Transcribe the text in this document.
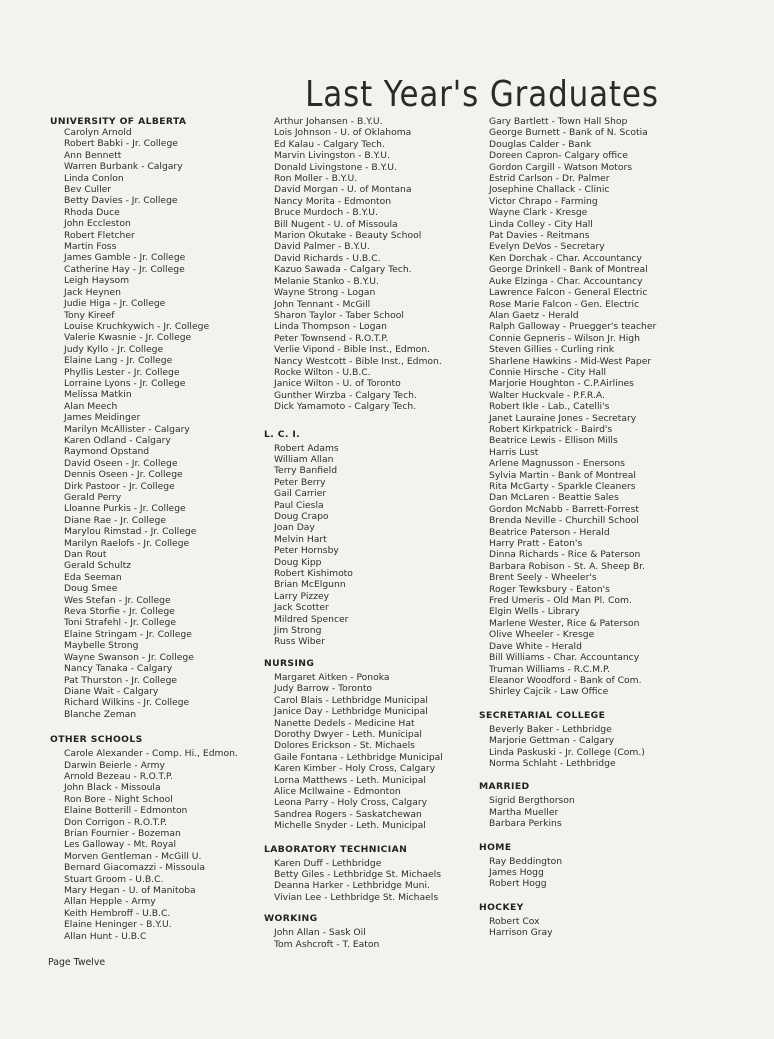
Last Year's Graduates
UNIVERSITY OF ALBERTA
Carolyn Arnold
Robert Babki - Jr. College
Ann Bennett
Warren Burbank - Calgary
Linda Conlon
Bev Culler
Betty Davies - Jr. College
Rhoda Duce
John Eccleston
Robert Fletcher
Martin Foss
James Gamble - Jr. College
Catherine Hay - Jr. College
Leigh Haysom
Jack Heynen
Judie Higa - Jr. College
Tony Kireef
Louise Kruchkywich - Jr. College
Valerie Kwasnie - Jr. College
Judy Kyllo - Jr. College
Elaine Lang - Jr. College
Phyllis Lester - Jr. College
Lorraine Lyons - Jr. College
Melissa Matkin
Alan Meech
James Meidinger
Marilyn McAllister - Calgary
Karen Odland - Calgary
Raymond Opstand
David Oseen - Jr. College
Dennis Oseen - Jr. College
Dirk Pastoor - Jr. College
Gerald Perry
Lloanne Purkis - Jr. College
Diane Rae - Jr. College
Marylou Rimstad - Jr. College
Marilyn Raelofs - Jr. College
Dan Rout
Gerald Schultz
Eda Seeman
Doug Smee
Wes Stefan - Jr. College
Reva Storfie - Jr. College
Toni Strafehl - Jr. College
Elaine Stringam - Jr. College
Maybelle Strong
Wayne Swanson - Jr. College
Nancy Tanaka - Calgary
Pat Thurston - Jr. College
Diane Wait - Calgary
Richard Wilkins - Jr. College
Blanche Zeman
OTHER SCHOOLS
Carole Alexander - Comp. Hi., Edmon.
Darwin Beierle - Army
Arnold Bezeau - R.O.T.P.
John Black - Missoula
Ron Bore - Night School
Elaine Botterill - Edmonton
Don Corrigon - R.O.T.P.
Brian Fournier - Bozeman
Les Galloway - Mt. Royal
Morven Gentleman - McGill U.
Bernard Giacomazzi - Missoula
Stuart Groom - U.B.C.
Mary Hegan - U. of Manitoba
Allan Hepple - Army
Keith Hembroff - U.B.C.
Elaine Heninger - B.Y.U.
Allan Hunt - U.B.C
Arthur Johansen - B.Y.U.
Lois Johnson - U. of Oklahoma
Ed Kalau - Calgary Tech.
Marvin Livingston - B.Y.U.
Donald Livingstone - B.Y.U.
Ron Moller - B.Y.U.
David Morgan - U. of Montana
Nancy Morita - Edmonton
Bruce Murdoch - B.Y.U.
Bill Nugent - U. of Missoula
Marion Okutake - Beauty School
David Palmer - B.Y.U.
David Richards - U.B.C.
Kazuo Sawada - Calgary Tech.
Melanie Stanko - B.Y.U.
Wayne Strong - Logan
John Tennant - McGill
Sharon Taylor - Taber School
Linda Thompson - Logan
Peter Townsend - R.O.T.P.
Verlie Vipond - Bible Inst., Edmon.
Nancy Westcott - Bible Inst., Edmon.
Rocke Wilton - U.B.C.
Janice Wilton - U. of Toronto
Gunther Wirzba - Calgary Tech.
Dick Yamamoto - Calgary Tech.
L. C. I.
Robert Adams
William Allan
Terry Banfield
Peter Berry
Gail Carrier
Paul Ciesla
Doug Crapo
Joan Day
Melvin Hart
Peter Hornsby
Doug Kipp
Robert Kishimoto
Brian McElgunn
Larry Pizzey
Jack Scotter
Mildred Spencer
Jim Strong
Russ Wiber
NURSING
Margaret Aitken - Ponoka
Judy Barrow - Toronto
Carol Blais - Lethbridge Municipal
Janice Day - Lethbridge Municipal
Nanette Dedels - Medicine Hat
Dorothy Dwyer - Leth. Municipal
Dolores Erickson - St. Michaels
Gaile Fontana - Lethbridge Municipal
Karen Kimber - Holy Cross, Calgary
Lorna Matthews - Leth. Municipal
Alice McIlwaine - Edmonton
Leona Parry - Holy Cross, Calgary
Sandrea Rogers - Saskatchewan
Michelle Snyder - Leth. Municipal
LABORATORY TECHNICIAN
Karen Duff - Lethbridge
Betty Giles - Lethbridge St. Michaels
Deanna Harker - Lethbridge Muni.
Vivian Lee - Lethbridge St. Michaels
WORKING
John Allan - Sask Oil
Tom Ashcroft - T. Eaton
Gary Bartlett - Town Hall Shop
George Burnett - Bank of N. Scotia
Douglas Calder - Bank
Doreen Capron- Calgary office
Gordon Cargill - Watson Motors
Estrid Carlson - Dr. Palmer
Josephine Challack - Clinic
Victor Chrapo - Farming
Wayne Clark - Kresge
Linda Colley - City Hall
Pat Davies - Reitmans
Evelyn DeVos - Secretary
Ken Dorchak - Char. Accountancy
George Drinkell - Bank of Montreal
Auke Elzinga - Char. Accountancy
Lawrence Falcon - General Electric
Rose Marie Falcon - Gen. Electric
Alan Gaetz - Herald
Ralph Galloway - Pruegger's teacher
Connie Gepneris - Wilson Jr. High
Steven Gillies - Curling rink
Sharlene Hawkins - Mid-West Paper
Connie Hirsche - City Hall
Marjorie Houghton - C.P.Airlines
Walter Huckvale - P.F.R.A.
Robert Ikle - Lab., Catelli's
Janet Lauraine Jones - Secretary
Robert Kirkpatrick - Baird's
Beatrice Lewis - Ellison Mills
Harris Lust
Arlene Magnusson - Enersons
Sylvia Martin - Bank of Montreal
Rita McGarty - Sparkle Cleaners
Dan McLaren - Beattie Sales
Gordon McNabb - Barrett-Forrest
Brenda Neville - Churchill School
Beatrice Paterson - Herald
Harry Pratt - Eaton's
Dinna Richards - Rice & Paterson
Barbara Robison - St. A. Sheep Br.
Brent Seely - Wheeler's
Roger Tewksbury - Eaton's
Fred Umeris - Old Man Pl. Com.
Elgin Wells - Library
Marlene Wester, Rice & Paterson
Olive Wheeler - Kresge
Dave White - Herald
Bill Williams - Char. Accountancy
Truman Williams - R.C.M.P.
Eleanor Woodford - Bank of Com.
Shirley Cajcik - Law Office
SECRETARIAL COLLEGE
Beverly Baker - Lethbridge
Marjorie Gettman - Calgary
Linda Paskuski - Jr. College (Com.)
Norma Schlaht - Lethbridge
MARRIED
Sigrid Bergthorson
Martha Mueller
Barbara Perkins
HOME
Ray Beddington
James Hogg
Robert Hogg
HOCKEY
Robert Cox
Harrison Gray
Page Twelve
